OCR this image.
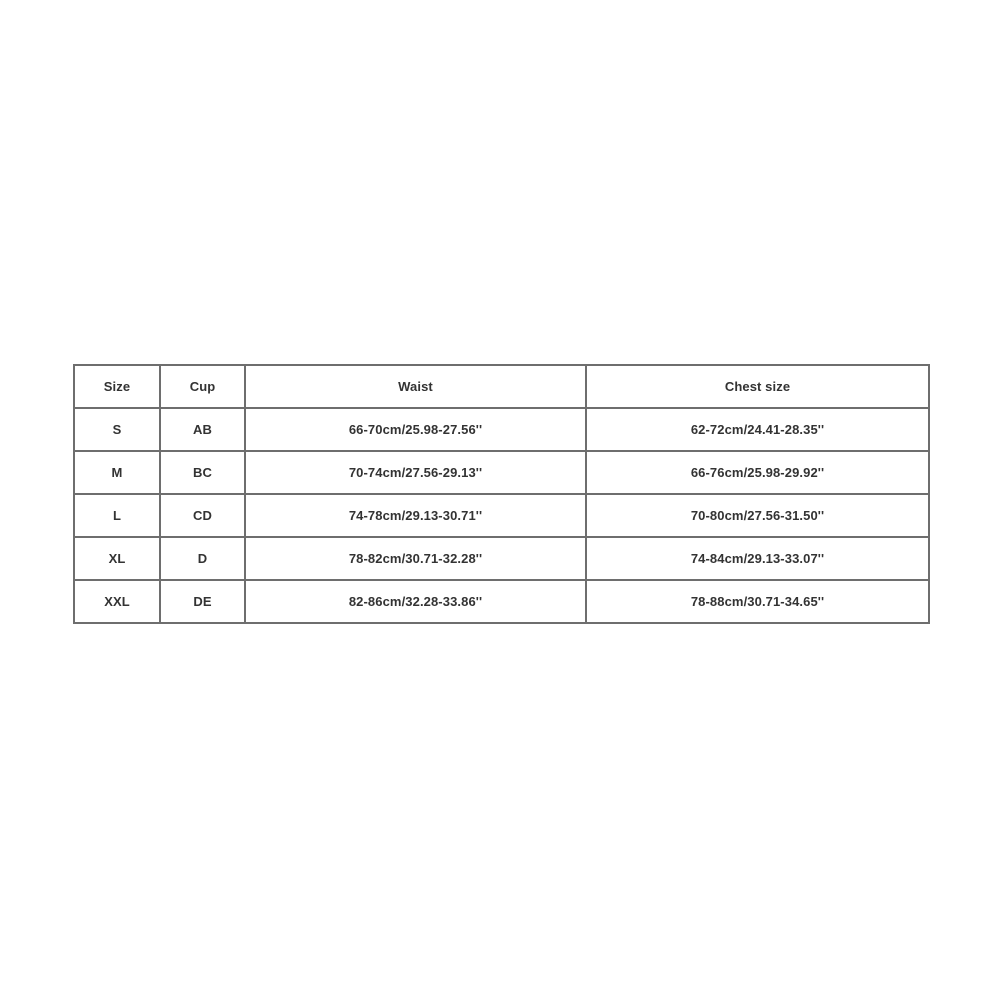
Size	Cup	Waist	Chest size
S	AB	66-70cm/25.98-27.56''	62-72cm/24.41-28.35''
M	BC	70-74cm/27.56-29.13''	66-76cm/25.98-29.92''
L	CD	74-78cm/29.13-30.71''	70-80cm/27.56-31.50''
XL	D	78-82cm/30.71-32.28''	74-84cm/29.13-33.07''
XXL	DE	82-86cm/32.28-33.86''	78-88cm/30.71-34.65''
